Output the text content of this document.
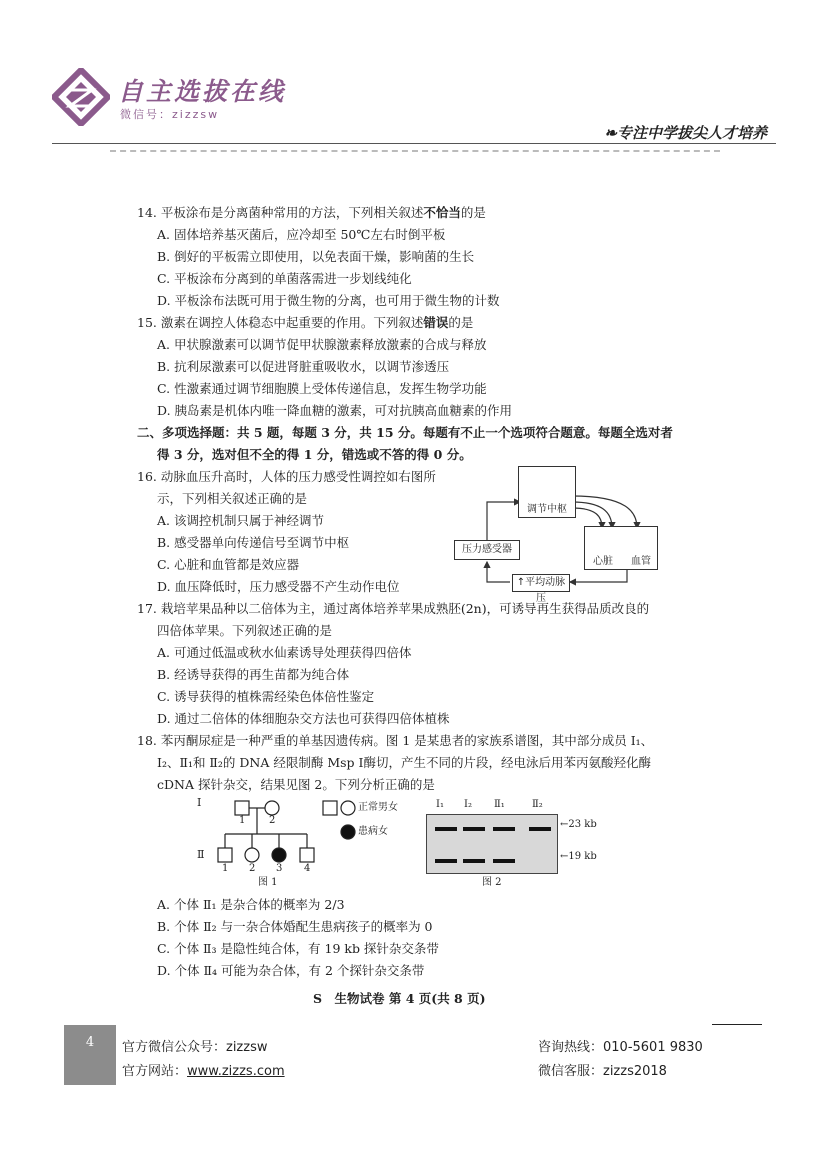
自主选拔在线
微信号：zizzsw
❧专注中学拔尖人才培养
14. 平板涂布是分离菌种常用的方法，下列相关叙述不恰当的是
A. 固体培养基灭菌后，应冷却至 50℃左右时倒平板
B. 倒好的平板需立即使用，以免表面干燥，影响菌的生长
C. 平板涂布分离到的单菌落需进一步划线纯化
D. 平板涂布法既可用于微生物的分离，也可用于微生物的计数
15. 激素在调控人体稳态中起重要的作用。下列叙述错误的是
A. 甲状腺激素可以调节促甲状腺激素释放激素的合成与释放
B. 抗利尿激素可以促进肾脏重吸收水，以调节渗透压
C. 性激素通过调节细胞膜上受体传递信息，发挥生物学功能
D. 胰岛素是机体内唯一降血糖的激素，可对抗胰高血糖素的作用
二、多项选择题：共 5 题，每题 3 分，共 15 分。每题有不止一个选项符合题意。每题全选对者
得 3 分，选对但不全的得 1 分，错选或不答的得 0 分。
16. 动脉血压升高时，人体的压力感受性调控如右图所
示，下列相关叙述正确的是
A. 该调控机制只属于神经调节
B. 感受器单向传递信号至调节中枢
C. 心脏和血管都是效应器
D. 血压降低时，压力感受器不产生动作电位
调节中枢
心脏 血管
压力感受器
↑平均动脉压
17. 栽培苹果品种以二倍体为主，通过离体培养苹果成熟胚(2n)，可诱导再生获得品质改良的
四倍体苹果。下列叙述正确的是
A. 可通过低温或秋水仙素诱导处理获得四倍体
B. 经诱导获得的再生苗都为纯合体
C. 诱导获得的植株需经染色体倍性鉴定
D. 通过二倍体的体细胞杂交方法也可获得四倍体植株
18. 苯丙酮尿症是一种严重的单基因遗传病。图 1 是某患者的家族系谱图，其中部分成员 Ⅰ₁、
Ⅰ₂、Ⅱ₁和 Ⅱ₂的 DNA 经限制酶 Msp Ⅰ酶切，产生不同的片段，经电泳后用苯丙氨酸羟化酶
cDNA 探针杂交，结果见图 2。下列分析正确的是
Ⅰ
Ⅱ
1 2
1 2 3 4
图 1
正常男女
患病女
Ⅰ₁ Ⅰ₂ Ⅱ₁	Ⅱ₂
←23 kb
←19 kb
图 2
A. 个体 Ⅱ₁ 是杂合体的概率为 2/3
B. 个体 Ⅱ₂ 与一杂合体婚配生患病孩子的概率为 0
C. 个体 Ⅱ₃ 是隐性纯合体，有 19 kb 探针杂交条带
D. 个体 Ⅱ₄ 可能为杂合体，有 2 个探针杂交条带
S　生物试卷 第 4 页(共 8 页)
4	官方微信公众号：zizzsw
官方网站：www.zizzs.com
咨询热线：010-5601 9830
微信客服：zizzs2018
